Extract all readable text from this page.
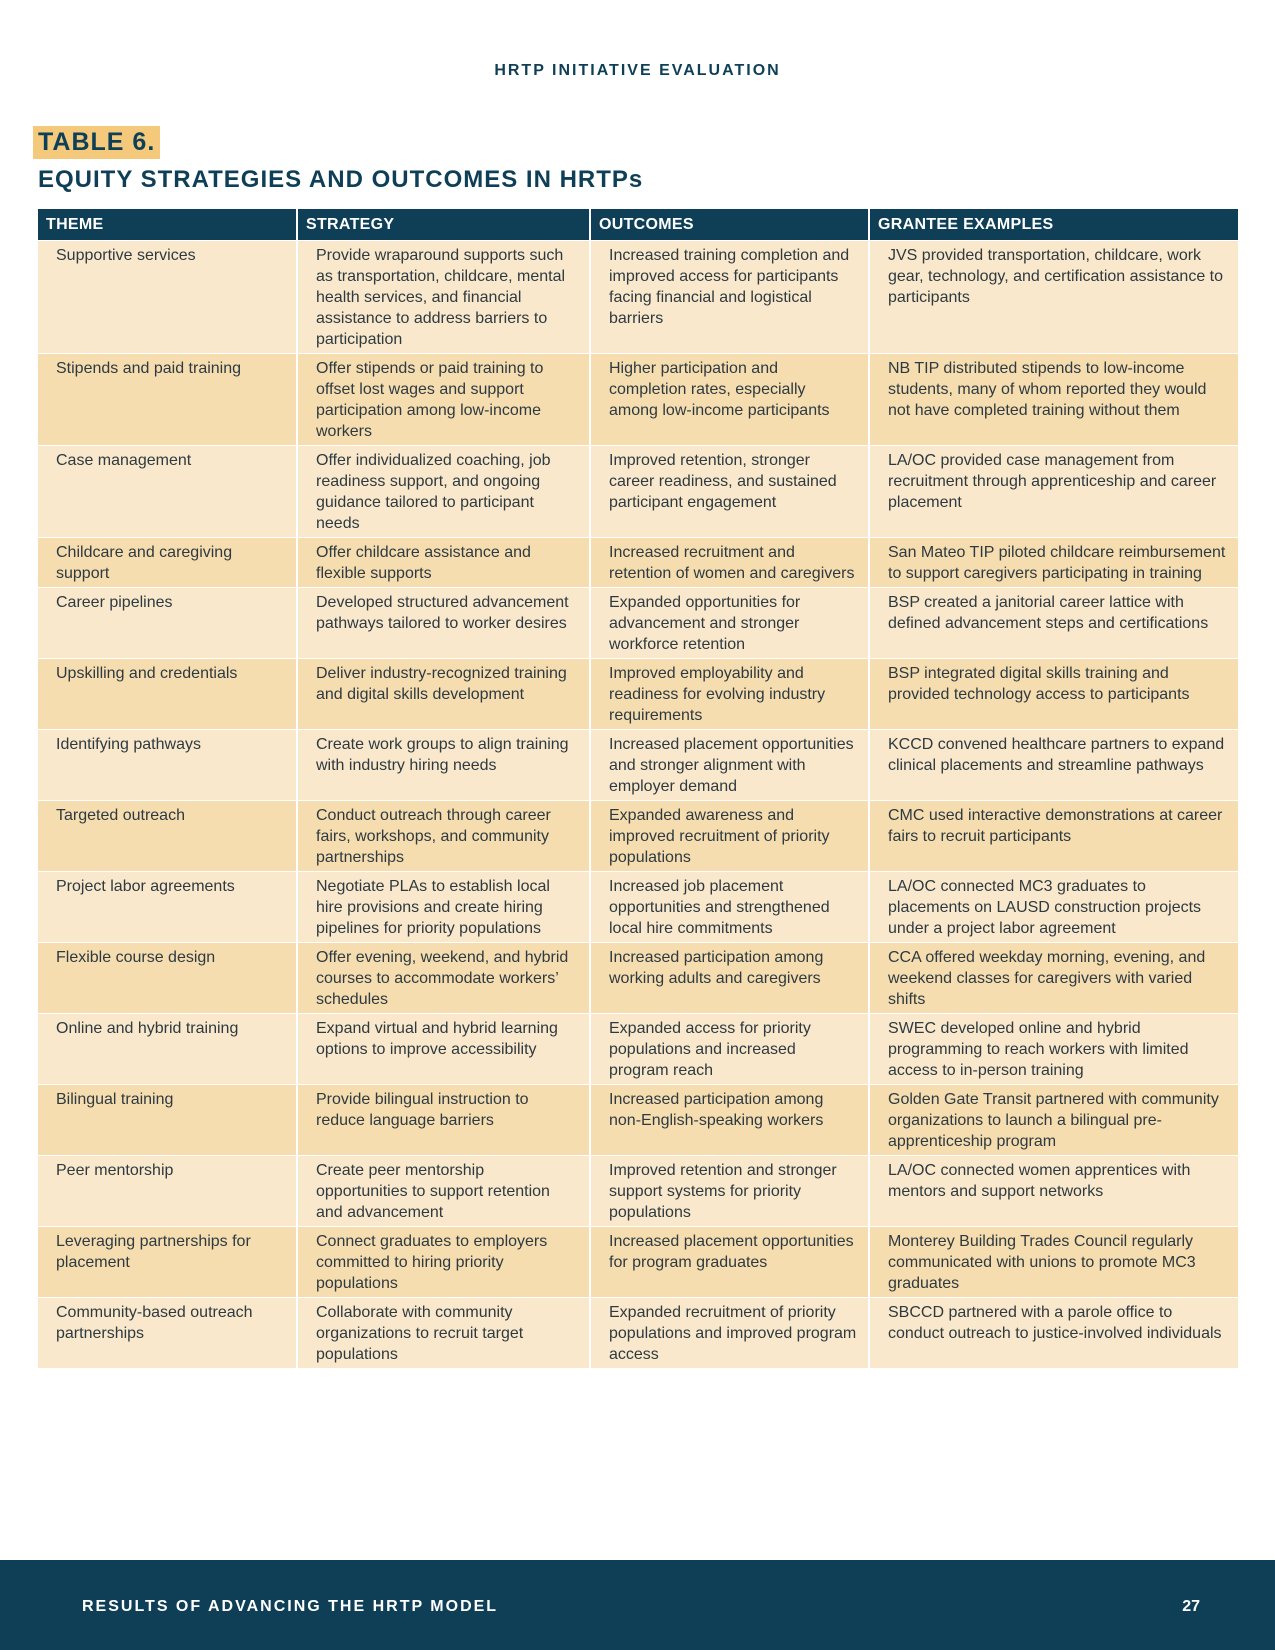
HRTP INITIATIVE EVALUATION
TABLE 6.
EQUITY STRATEGIES AND OUTCOMES IN HRTPs
THEME	STRATEGY	OUTCOMES	GRANTEE EXAMPLES
Supportive services	Provide wraparound supports such as transportation, childcare, mental health services, and financial assistance to address barriers to participation	Increased training completion and improved access for participants facing financial and logistical barriers	JVS provided transportation, childcare, work gear, technology, and certification assistance to participants
Stipends and paid training	Offer stipends or paid training to offset lost wages and support participation among low-income workers	Higher participation and completion rates, especially among low-income participants	NB TIP distributed stipends to low-income students, many of whom reported they would not have completed training without them
Case management	Offer individualized coaching, job readiness support, and ongoing guidance tailored to participant needs	Improved retention, stronger career readiness, and sustained participant engagement	LA/OC provided case management from recruitment through apprenticeship and career placement
Childcare and caregiving support	Offer childcare assistance and flexible supports	Increased recruitment and retention of women and caregivers	San Mateo TIP piloted childcare reimbursement to support caregivers participating in training
Career pipelines	Developed structured advancement pathways tailored to worker desires	Expanded opportunities for advancement and stronger workforce retention	BSP created a janitorial career lattice with defined advancement steps and certifications
Upskilling and credentials	Deliver industry-recognized training and digital skills development	Improved employability and readiness for evolving industry requirements	BSP integrated digital skills training and provided technology access to participants
Identifying pathways	Create work groups to align training with industry hiring needs	Increased placement opportunities and stronger alignment with employer demand	KCCD convened healthcare partners to expand clinical placements and streamline pathways
Targeted outreach	Conduct outreach through career fairs, workshops, and community partnerships	Expanded awareness and improved recruitment of priority populations	CMC used interactive demonstrations at career fairs to recruit participants
Project labor agreements	Negotiate PLAs to establish local hire provisions and create hiring pipelines for priority populations	Increased job placement opportunities and strengthened local hire commitments	LA/OC connected MC3 graduates to placements on LAUSD construction projects under a project labor agreement
Flexible course design	Offer evening, weekend, and hybrid courses to accommodate workers’ schedules	Increased participation among working adults and caregivers	CCA offered weekday morning, evening, and weekend classes for caregivers with varied shifts
Online and hybrid training	Expand virtual and hybrid learning options to improve accessibility	Expanded access for priority populations and increased program reach	SWEC developed online and hybrid programming to reach workers with limited access to in-person training
Bilingual training	Provide bilingual instruction to reduce language barriers	Increased participation among non-English-speaking workers	Golden Gate Transit partnered with community organizations to launch a bilingual pre-apprenticeship program
Peer mentorship	Create peer mentorship opportunities to support retention and advancement	Improved retention and stronger support systems for priority populations	LA/OC connected women apprentices with mentors and support networks
Leveraging partnerships for placement	Connect graduates to employers committed to hiring priority populations	Increased placement opportunities for program graduates	Monterey Building Trades Council regularly communicated with unions to promote MC3 graduates
Community-based outreach partnerships	Collaborate with community organizations to recruit target populations	Expanded recruitment of priority populations and improved program access	SBCCD partnered with a parole office to conduct outreach to justice-involved individuals
RESULTS OF ADVANCING THE HRTP MODEL	27
